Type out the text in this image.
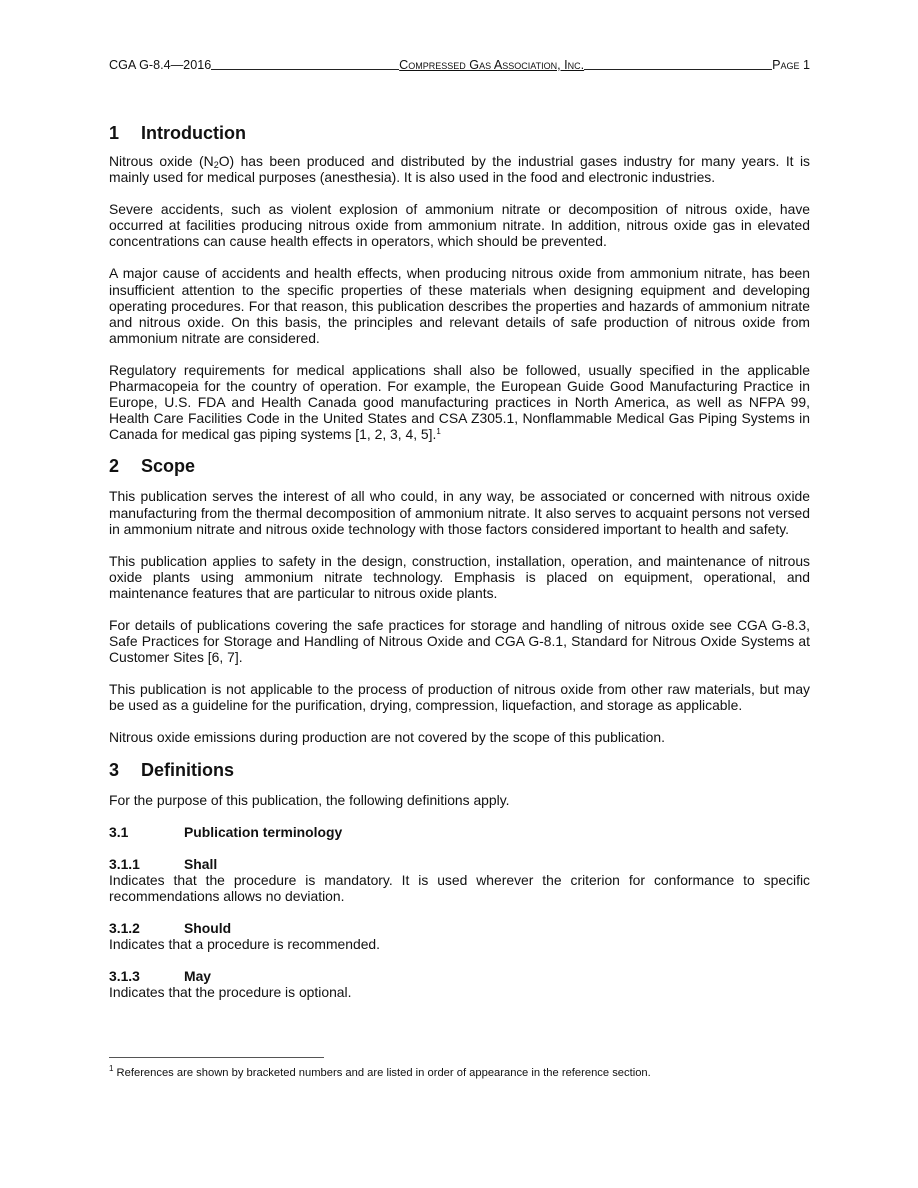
CGA G-8.4—2016	Compressed Gas Association, Inc.	Page 1
1	Introduction

Nitrous oxide $(N_2O)$ has been produced and distributed by the industrial gases industry for many years. It is mainly used for medical purposes (anesthesia). It is also used in the food and electronic industries.

Severe accidents, such as violent explosion of ammonium nitrate or decomposition of nitrous oxide, have occurred at facilities producing nitrous oxide from ammonium nitrate. In addition, nitrous oxide gas in elevated concentrations can cause health effects in operators, which should be prevented.

A major cause of accidents and health effects, when producing nitrous oxide from ammonium nitrate, has been insufficient attention to the specific properties of these materials when designing equipment and developing operating procedures. For that reason, this publication describes the properties and hazards of ammonium nitrate and nitrous oxide. On this basis, the principles and relevant details of safe production of nitrous oxide from ammonium nitrate are considered.

Regulatory requirements for medical applications shall also be followed, usually specified in the applicable Pharmacopeia for the country of operation. For example, the European Guide Good Manufacturing Practice in Europe, U.S. FDA and Health Canada good manufacturing practices in North America, as well as NFPA 99, Health Care Facilities Code in the United States and CSA Z305.1, Nonflammable Medical Gas Piping Systems in Canada for medical gas piping systems [1, 2, 3, 4, 5].$^1$

2	Scope

This publication serves the interest of all who could, in any way, be associated or concerned with nitrous oxide manufacturing from the thermal decomposition of ammonium nitrate. It also serves to acquaint persons not versed in ammonium nitrate and nitrous oxide technology with those factors considered important to health and safety.

This publication applies to safety in the design, construction, installation, operation, and maintenance of nitrous oxide plants using ammonium nitrate technology. Emphasis is placed on equipment, operational, and maintenance features that are particular to nitrous oxide plants.

For details of publications covering the safe practices for storage and handling of nitrous oxide see CGA G-8.3, Safe Practices for Storage and Handling of Nitrous Oxide and CGA G-8.1, Standard for Nitrous Oxide Systems at Customer Sites [6, 7].

This publication is not applicable to the process of production of nitrous oxide from other raw materials, but may be used as a guideline for the purification, drying, compression, liquefaction, and storage as applicable.

Nitrous oxide emissions during production are not covered by the scope of this publication.

3	Definitions

For the purpose of this publication, the following definitions apply.

3.1	Publication terminology
3.1.1	Shall

Indicates that the procedure is mandatory. It is used wherever the criterion for conformance to specific recommendations allows no deviation.

3.1.2	Should

Indicates that a procedure is recommended.

3.1.3	May

Indicates that the procedure is optional.

$^1$ References are shown by bracketed numbers and are listed in order of appearance in the reference section.
